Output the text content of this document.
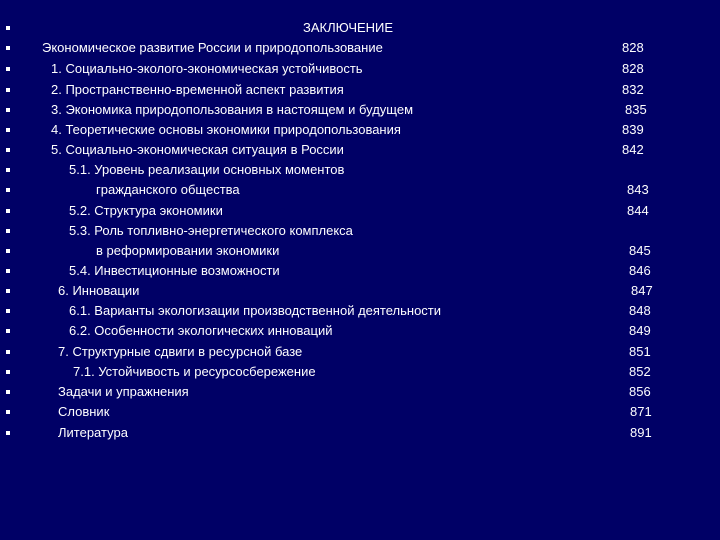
ЗАКЛЮЧЕНИЕ
Экономическое развитие России и природопользование	828
1. Социально-эколого-экономическая устойчивость	828
2. Пространственно-временной аспект развития	832
3. Экономика природопользования в настоящем и будущем	835
4. Теоретические основы экономики природопользования	839
5. Социально-экономическая ситуация в России	842
5.1. Уровень реализации основных моментов
гражданского общества	843
5.2. Структура экономики	844
5.3. Роль топливно-энергетического комплекса
в реформировании экономики	845
5.4. Инвестиционные возможности	846
6. Инновации	847
6.1. Варианты экологизации производственной деятельности	848
6.2. Особенности экологических инноваций	849
7. Структурные сдвиги в ресурсной базе	851
7.1. Устойчивость и ресурсосбережение	852
Задачи и упражнения	856
Словник	871
Литература	891
